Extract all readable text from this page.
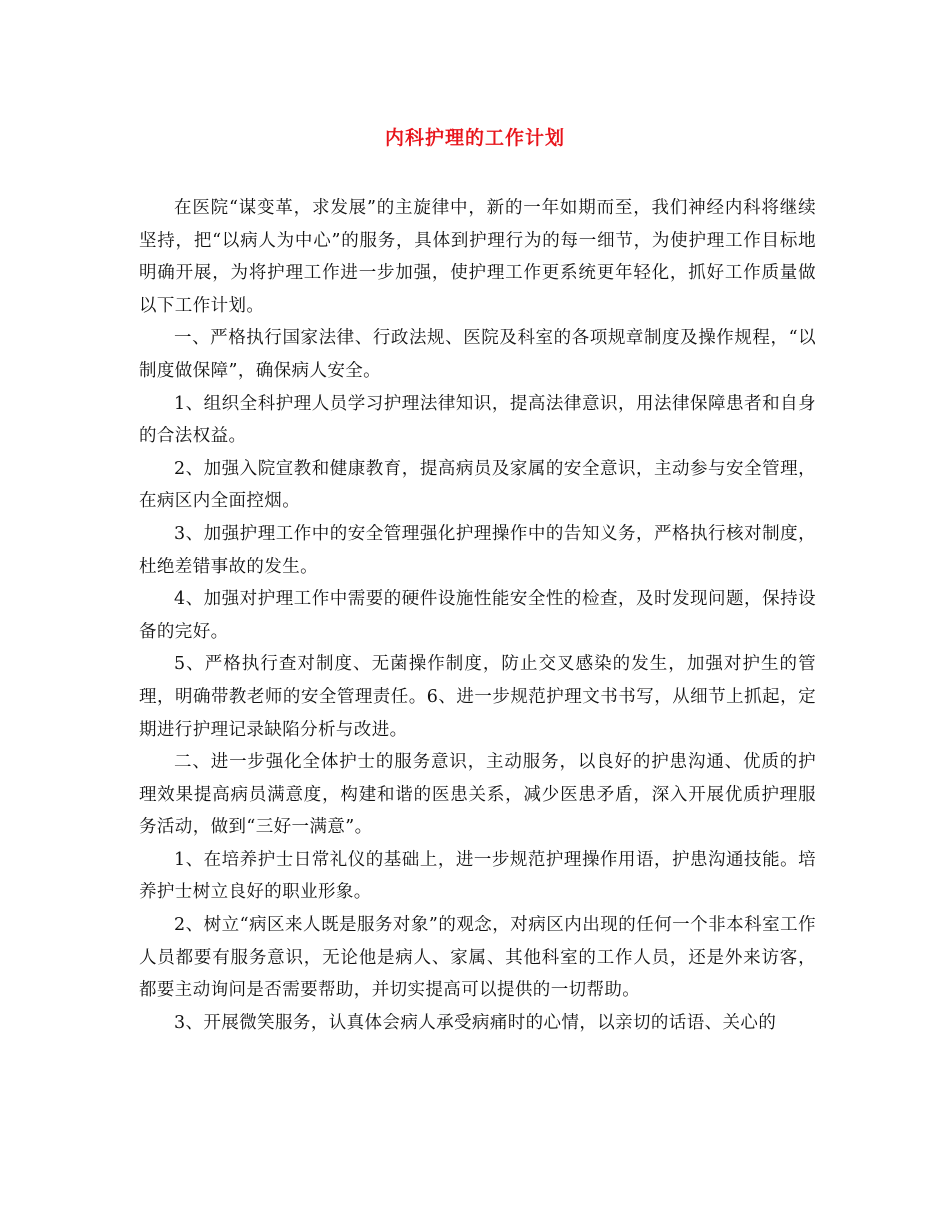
内科护理的工作计划

在医院“谋变革，求发展”的主旋律中，新的一年如期而至，我们神经内科将继续坚持，把“以病人为中心”的服务，具体到护理行为的每一细节，为使护理工作目标地明确开展，为将护理工作进一步加强，使护理工作更系统更年轻化，抓好工作质量做以下工作计划。

一、严格执行国家法律、行政法规、医院及科室的各项规章制度及操作规程，“以制度做保障”，确保病人安全。

1、组织全科护理人员学习护理法律知识，提高法律意识，用法律保障患者和自身的合法权益。

2、加强入院宣教和健康教育，提高病员及家属的安全意识，主动参与安全管理，在病区内全面控烟。

3、加强护理工作中的安全管理强化护理操作中的告知义务，严格执行核对制度，杜绝差错事故的发生。

4、加强对护理工作中需要的硬件设施性能安全性的检查，及时发现问题，保持设备的完好。

5、严格执行查对制度、无菌操作制度，防止交叉感染的发生，加强对护生的管理，明确带教老师的安全管理责任。6、进一步规范护理文书书写，从细节上抓起，定期进行护理记录缺陷分析与改进。

二、进一步强化全体护士的服务意识，主动服务，以良好的护患沟通、优质的护理效果提高病员满意度，构建和谐的医患关系，减少医患矛盾，深入开展优质护理服务活动，做到“三好一满意”。

1、在培养护士日常礼仪的基础上，进一步规范护理操作用语，护患沟通技能。培养护士树立良好的职业形象。

2、树立“病区来人既是服务对象”的观念，对病区内出现的任何一个非本科室工作人员都要有服务意识，无论他是病人、家属、其他科室的工作人员，还是外来访客，都要主动询问是否需要帮助，并切实提高可以提供的一切帮助。

3、开展微笑服务，认真体会病人承受病痛时的心情，以亲切的话语、关心的
